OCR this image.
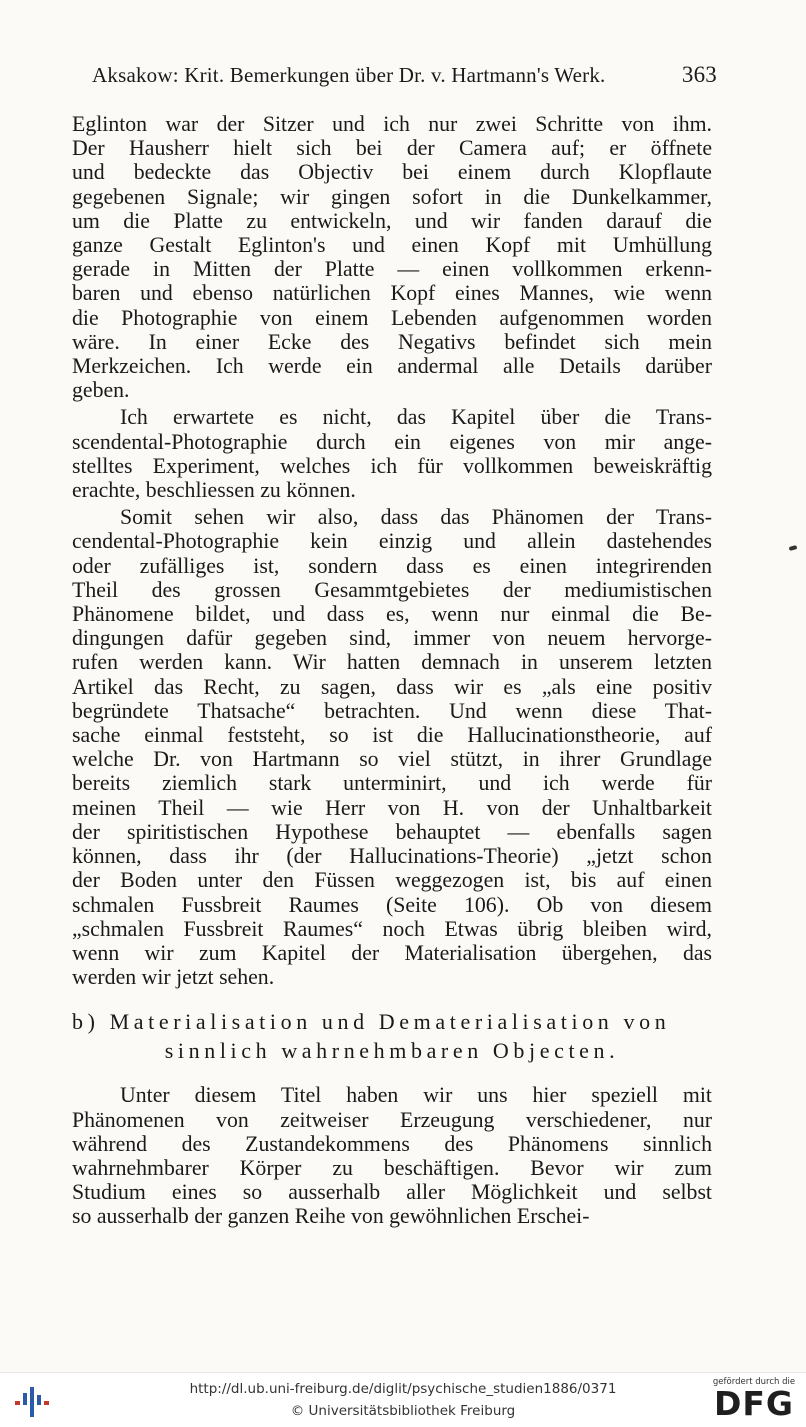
Aksakow: Krit. Bemerkungen über Dr. v. Hartmann's Werk.	363
Eglinton war der Sitzer und ich nur zwei Schritte von ihm.
Der Hausherr hielt sich bei der Camera auf; er öffnete
und bedeckte das Objectiv bei einem durch Klopflaute
gegebenen Signale; wir gingen sofort in die Dunkelkammer,
um die Platte zu entwickeln, und wir fanden darauf die
ganze Gestalt Eglinton's und einen Kopf mit Umhüllung
gerade in Mitten der Platte — einen vollkommen erkenn-
baren und ebenso natürlichen Kopf eines Mannes, wie wenn
die Photographie von einem Lebenden aufgenommen worden
wäre. In einer Ecke des Negativs befindet sich mein
Merkzeichen. Ich werde ein andermal alle Details darüber
geben.
Ich erwartete es nicht, das Kapitel über die Trans-
scendental-Photographie durch ein eigenes von mir ange-
stelltes Experiment, welches ich für vollkommen beweiskräftig
erachte, beschliessen zu können.
Somit sehen wir also, dass das Phänomen der Trans-
cendental-Photographie kein einzig und allein dastehendes
oder zufälliges ist, sondern dass es einen integrirenden
Theil des grossen Gesammtgebietes der mediumistischen
Phänomene bildet, und dass es, wenn nur einmal die Be-
dingungen dafür gegeben sind, immer von neuem hervorge-
rufen werden kann. Wir hatten demnach in unserem letzten
Artikel das Recht, zu sagen, dass wir es „als eine positiv
begründete Thatsache“ betrachten. Und wenn diese That-
sache einmal feststeht, so ist die Hallucinationstheorie, auf
welche Dr. von Hartmann so viel stützt, in ihrer Grundlage
bereits ziemlich stark unterminirt, und ich werde für
meinen Theil — wie Herr von H. von der Unhaltbarkeit
der spiritistischen Hypothese behauptet — ebenfalls sagen
können, dass ihr (der Hallucinations-Theorie) „jetzt schon
der Boden unter den Füssen weggezogen ist, bis auf einen
schmalen Fussbreit Raumes (Seite 106). Ob von diesem
„schmalen Fussbreit Raumes“ noch Etwas übrig bleiben wird,
wenn wir zum Kapitel der Materialisation übergehen, das
werden wir jetzt sehen.
b) Materialisation und Dematerialisation von
sinnlich wahrnehmbaren Objecten.
Unter diesem Titel haben wir uns hier speziell mit
Phänomenen von zeitweiser Erzeugung verschiedener, nur
während des Zustandekommens des Phänomens sinnlich
wahrnehmbarer Körper zu beschäftigen. Bevor wir zum
Studium eines so ausserhalb aller Möglichkeit und selbst
so ausserhalb der ganzen Reihe von gewöhnlichen Erschei-
http://dl.ub.uni-freiburg.de/diglit/psychische_studien1886/0371
© Universitätsbibliothek Freiburg
gefördert durch die
DFG
